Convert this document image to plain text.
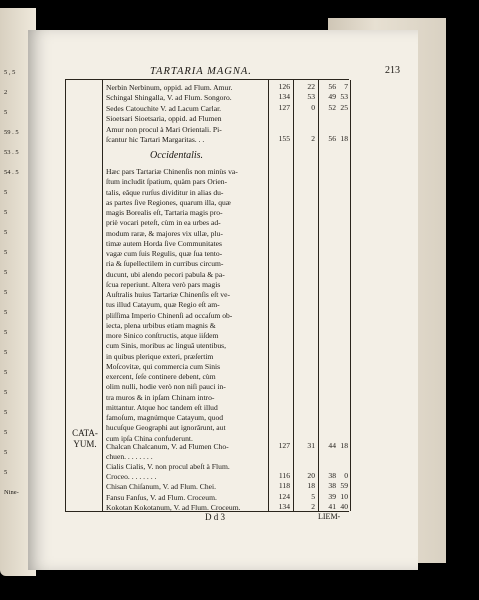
5 , 5
2
5
59 . 5
53 . 5
54 . 5
5
5
5
5
5
5
5
5
5
5
5
5
5
5
5
Nine-
TARTARIA MAGNA.	213
CATA-
YUM.
Nerbin Nerbinum, oppid. ad Flum. Amur.	126	22	56	7
Schingal Shingalla, V. ad Flum. Songoro.	134	53	49 53
Sedes Catouchite V. ad Lacum Carlar.	127	0	52 25
Sioetsari Sioetsaria, oppid. ad Flumen
Amur non procul à Mari Orientali. Pi-
ſcantur hic Tartari Margaritas. . .	155	2	56 18
Occidentalis.
Hæc pars Tartariæ Chinenſis non minùs va-
ſtum includit ſpatium, quàm pars Orien-
talis, eâque rurſus dividitur in alias du-
as partes ſive Regiones, quarum illa, quæ
magis Borealis eſt, Tartaria magis pro-
priè vocari peteſt, cùm in ea urbes ad-
modum raræ, & majores vix ullæ, plu-
timæ autem Horda ſive Communitates
vagæ cum ſuis Regulis, quæ ſua tento-
ria & ſupellectilem in curribus circum-
ducunt, ubi alendo pecori pabula & pa-
ſcua reperiunt. Altera verò pars magis
Auſtralis huius Tartariæ Chinenſis eſt ve-
tus illud Catayum, quæ Regio eſt am-
pliſſima Imperio Chinenſi ad occaſum ob-
iecta, plena urbibus etiam magnis &
more Sinico conſtructis, atque iiſdem
cum Sinis, moribus ac linguâ utentibus,
in quibus plerique exteri, præſertim
Moſcovitæ, qui commercia cum Sinis
exercent, ſeſe continere debent, cùm
olim nulli, hodie verò non niſi pauci in-
tra muros & in ipſam Chinam intro-
mittantur. Atque hoc tandem eſt illud
famoſum, magnúmque Catayum, quod
hucuſque Geographi aut ignorârunt, aut
cum ipſa China confuderunt.
Chalcan Chalcanum, V. ad Flumen Cho-	127	31	44 18
chuen. . . . . . . .
Cialis Cialis, V. non procul abeſt à Flum.
Croceo. . . . . . . .	116	20	38	0
Chisan Chiſanum, V. ad Flum. Chei.	118	18	38 59
Fansu Fanſus, V. ad Flum. Croceum.	124	5	39 10
Kokotan Kokotanum, V. ad Flum. Croceum.	134	2	41 40
D d 3	LIEM-
